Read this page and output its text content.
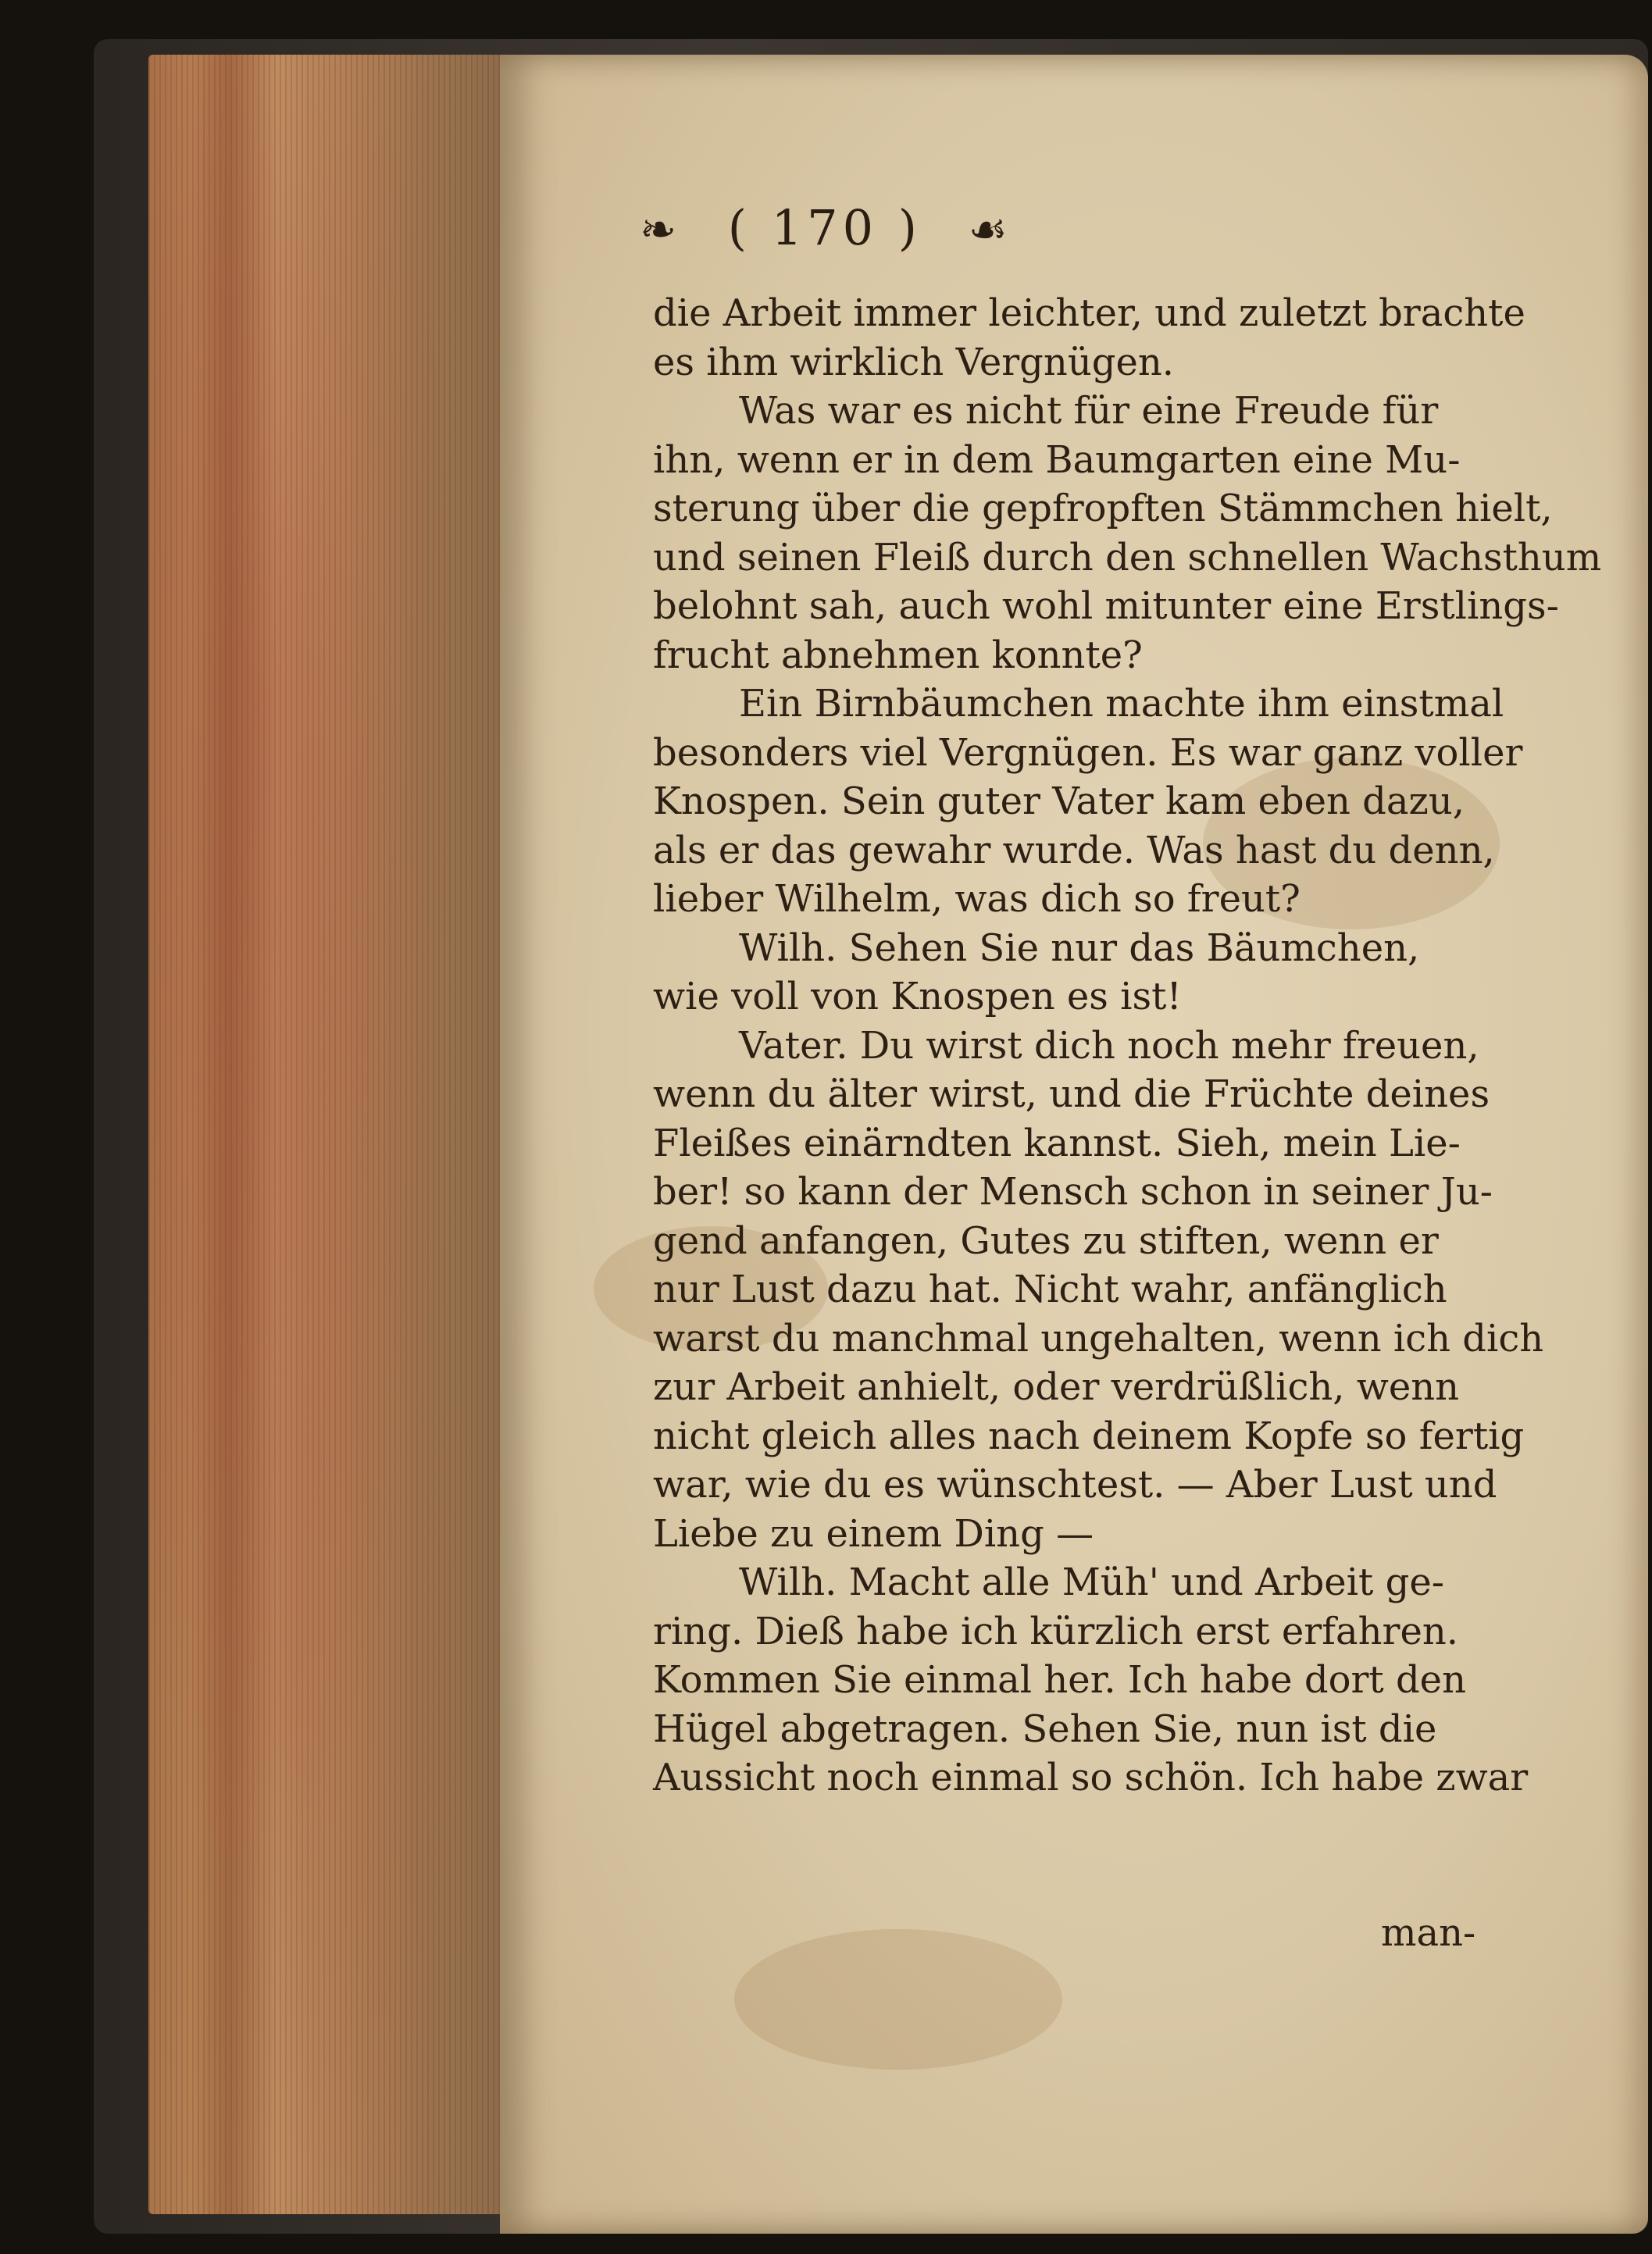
❧ ( 170 ) ☙
die Arbeit immer leichter, und zuletzt brachte
es ihm wirklich Vergnügen.
Was war es nicht für eine Freude für
ihn, wenn er in dem Baumgarten eine Mu-
sterung über die gepfropften Stämmchen hielt,
und seinen Fleiß durch den schnellen Wachsthum
belohnt sah, auch wohl mitunter eine Erstlings-
frucht abnehmen konnte?
Ein Birnbäumchen machte ihm einstmal
besonders viel Vergnügen. Es war ganz voller
Knospen. Sein guter Vater kam eben dazu,
als er das gewahr wurde. Was hast du denn,
lieber Wilhelm, was dich so freut?
Wilh. Sehen Sie nur das Bäumchen,
wie voll von Knospen es ist!
Vater. Du wirst dich noch mehr freuen,
wenn du älter wirst, und die Früchte deines
Fleißes einärndten kannst. Sieh, mein Lie-
ber! so kann der Mensch schon in seiner Ju-
gend anfangen, Gutes zu stiften, wenn er
nur Lust dazu hat. Nicht wahr, anfänglich
warst du manchmal ungehalten, wenn ich dich
zur Arbeit anhielt, oder verdrüßlich, wenn
nicht gleich alles nach deinem Kopfe so fertig
war, wie du es wünschtest. — Aber Lust und
Liebe zu einem Ding —
Wilh. Macht alle Müh' und Arbeit ge-
ring. Dieß habe ich kürzlich erst erfahren.
Kommen Sie einmal her. Ich habe dort den
Hügel abgetragen. Sehen Sie, nun ist die
Aussicht noch einmal so schön. Ich habe zwar
man-
